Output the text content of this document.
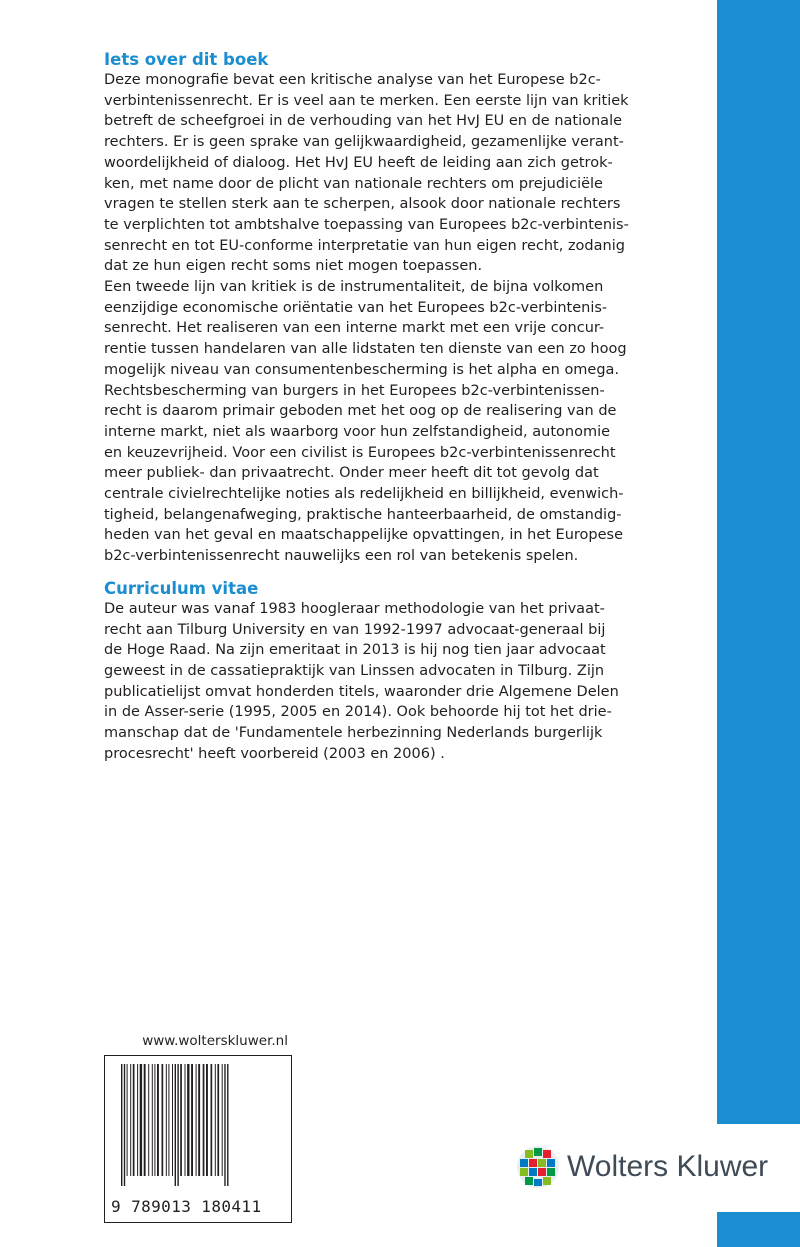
Iets over dit boek

Deze monografie bevat een kritische analyse van het Europese b2c-
verbintenissenrecht. Er is veel aan te merken. Een eerste lijn van kritiek
betreft de scheefgroei in de verhouding van het HvJ EU en de nationale
rechters. Er is geen sprake van gelijkwaardigheid, gezamenlijke verant-
woordelijkheid of dialoog. Het HvJ EU heeft de leiding aan zich getrok-
ken, met name door de plicht van nationale rechters om prejudiciële
vragen te stellen sterk aan te scherpen, alsook door nationale rechters
te verplichten tot ambtshalve toepassing van Europees b2c-verbintenis-
senrecht en tot EU-conforme interpretatie van hun eigen recht, zodanig
dat ze hun eigen recht soms niet mogen toepassen.
Een tweede lijn van kritiek is de instrumentaliteit, de bijna volkomen
eenzijdige economische oriëntatie van het Europees b2c-verbintenis-
senrecht. Het realiseren van een interne markt met een vrije concur-
rentie tussen handelaren van alle lidstaten ten dienste van een zo hoog
mogelijk niveau van consumentenbescherming is het alpha en omega.
Rechtsbescherming van burgers in het Europees b2c-verbintenissen-
recht is daarom primair geboden met het oog op de realisering van de
interne markt, niet als waarborg voor hun zelfstandigheid, autonomie
en keuzevrijheid. Voor een civilist is Europees b2c-verbintenissenrecht
meer publiek- dan privaatrecht. Onder meer heeft dit tot gevolg dat
centrale civielrechtelijke noties als redelijkheid en billijkheid, evenwich-
tigheid, belangenafweging, praktische hanteerbaarheid, de omstandig-
heden van het geval en maatschappelijke opvattingen, in het Europese
b2c-verbintenissenrecht nauwelijks een rol van betekenis spelen.

Curriculum vitae

De auteur was vanaf 1983 hoogleraar methodologie van het privaat-
recht aan Tilburg University en van 1992-1997 advocaat-generaal bij
de Hoge Raad. Na zijn emeritaat in 2013 is hij nog tien jaar advocaat
geweest in de cassatiepraktijk van Linssen advocaten in Tilburg. Zijn
publicatielijst omvat honderden titels, waaronder drie Algemene Delen
in de Asser-serie (1995, 2005 en 2014). Ook behoorde hij tot het drie-
manschap dat de 'Fundamentele herbezinning Nederlands burgerlijk
procesrecht' heeft voorbereid (2003 en 2006) .

www.wolterskluwer.nl
9 789013 180411
Wolters Kluwer
